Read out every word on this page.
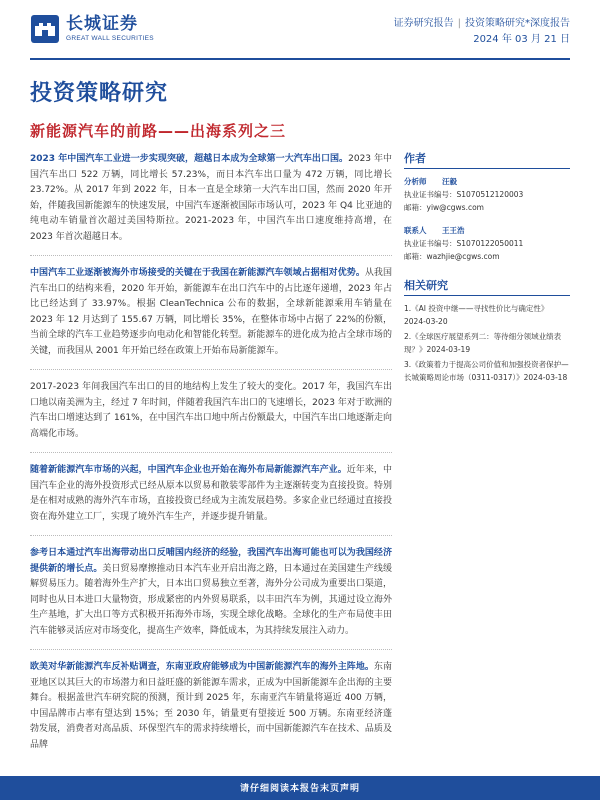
长城证券
GREAT WALL SECURITIES
证券研究报告 | 投资策略研究*深度报告
2024 年 03 月 21 日
投资策略研究
新能源汽车的前路——出海系列之三
2023 年中国汽车工业进一步实现突破，超越日本成为全球第一大汽车出口国。2023 年中国汽车出口 522 万辆，同比增长 57.23%，而日本汽车出口量为 472 万辆，同比增长 23.72%。从 2017 年到 2022 年，日本一直是全球第一大汽车出口国，然而 2020 年开始，伴随我国新能源车的快速发展，中国汽车逐渐被国际市场认可，2023 年 Q4 比亚迪的纯电动车销量首次超过美国特斯拉。2021-2023 年，中国汽车出口速度维持高增，在 2023 年首次超越日本。
中国汽车工业逐渐被海外市场接受的关键在于我国在新能源汽车领域占据相对优势。从我国汽车出口的结构来看，2020 年开始，新能源车在出口汽车中的占比逐年递增，2023 年占比已经达到了 33.97%。根据 CleanTechnica 公布的数据，全球新能源乘用车销量在 2023 年 12 月达到了 155.67 万辆，同比增长 35%，在整体市场中占据了 22%的份额，当前全球的汽车工业趋势逐步向电动化和智能化转型。新能源车的进化成为抢占全球市场的关键，而我国从 2001 年开始已经在政策上开始布局新能源车。
2017-2023 年间我国汽车出口的目的地结构上发生了较大的变化。2017 年，我国汽车出口地以南美洲为主，经过 7 年时间，伴随着我国汽车出口的飞速增长，2023 年对于欧洲的汽车出口增速达到了 161%，在中国汽车出口地中所占份额最大，中国汽车出口地逐渐走向高端化市场。
随着新能源汽车市场的兴起，中国汽车企业也开始在海外布局新能源汽车产业。近年来，中国汽车企业的海外投资形式已经从原本以贸易和散装零部件为主逐渐转变为直接投资。特别是在相对成熟的海外汽车市场，直接投资已经成为主流发展趋势。多家企业已经通过直接投资在海外建立工厂，实现了境外汽车生产，并逐步提升销量。
参考日本通过汽车出海带动出口反哺国内经济的经验，我国汽车出海可能也可以为我国经济提供新的增长点。美日贸易摩擦推动日本汽车业开启出海之路，日本通过在美国建生产线缓解贸易压力。随着海外生产扩大，日本出口贸易独立至著，海外分公司成为重要出口渠道，同时也从日本进口大量物资，形成紧密的内外贸易联系，以丰田汽车为例，其通过设立海外生产基地，扩大出口等方式积极开拓海外市场，实现全球化战略。全球化的生产布局使丰田汽车能够灵活应对市场变化，提高生产效率，降低成本，为其持续发展注入动力。
欧美对华新能源汽车反补贴调查，东南亚政府能够成为中国新能源汽车的海外主阵地。东南亚地区以其巨大的市场潜力和日益旺盛的新能源车需求，正成为中国新能源车企出海的主要舞台。根据盖世汽车研究院的预测，预计到 2025 年，东南亚汽车销量将逼近 400 万辆，中国品牌市占率有望达到 15%；至 2030 年，销量更有望接近 500 万辆。东南亚经济蓬勃发展，消费者对高品质、环保型汽车的需求持续增长，而中国新能源汽车在技术、品质及品牌
作者
分析师 汪毅
执业证书编号：S1070512120003
邮箱：yiw@cgws.com
联系人 王王浩
执业证书编号：S1070122050011
邮箱：wazhjie@cgws.com
相关研究
1.《AI 投资中继——寻找性价比与确定性》2024-03-20
2.《全球医疗展望系列二：等待细分领域业绩表现？》2024-03-19
3.《政策着力于提高公司价值和加强投资者保护—长城策略周论市场（0311-0317）》2024-03-18
请仔细阅读本报告末页声明
